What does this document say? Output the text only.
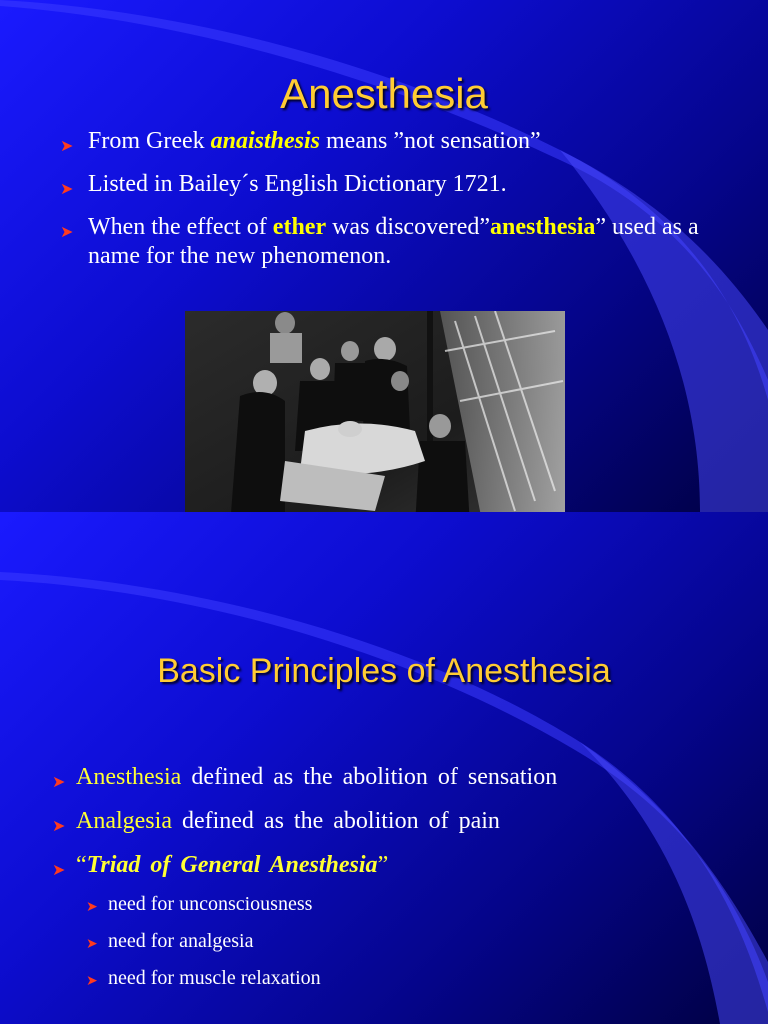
Anesthesia
➤ From Greek anaisthesis means ”not sensation”
➤ Listed in Bailey´s English Dictionary 1721.
➤ When the effect of ether was discovered”anesthesia” used as a name for the new phenomenon.
Basic Principles of Anesthesia
➤ Anesthesia defined as the abolition of sensation
➤ Analgesia defined as the abolition of pain
➤ “Triad of General Anesthesia”
➤ need for unconsciousness
➤ need for analgesia
➤ need for muscle relaxation
